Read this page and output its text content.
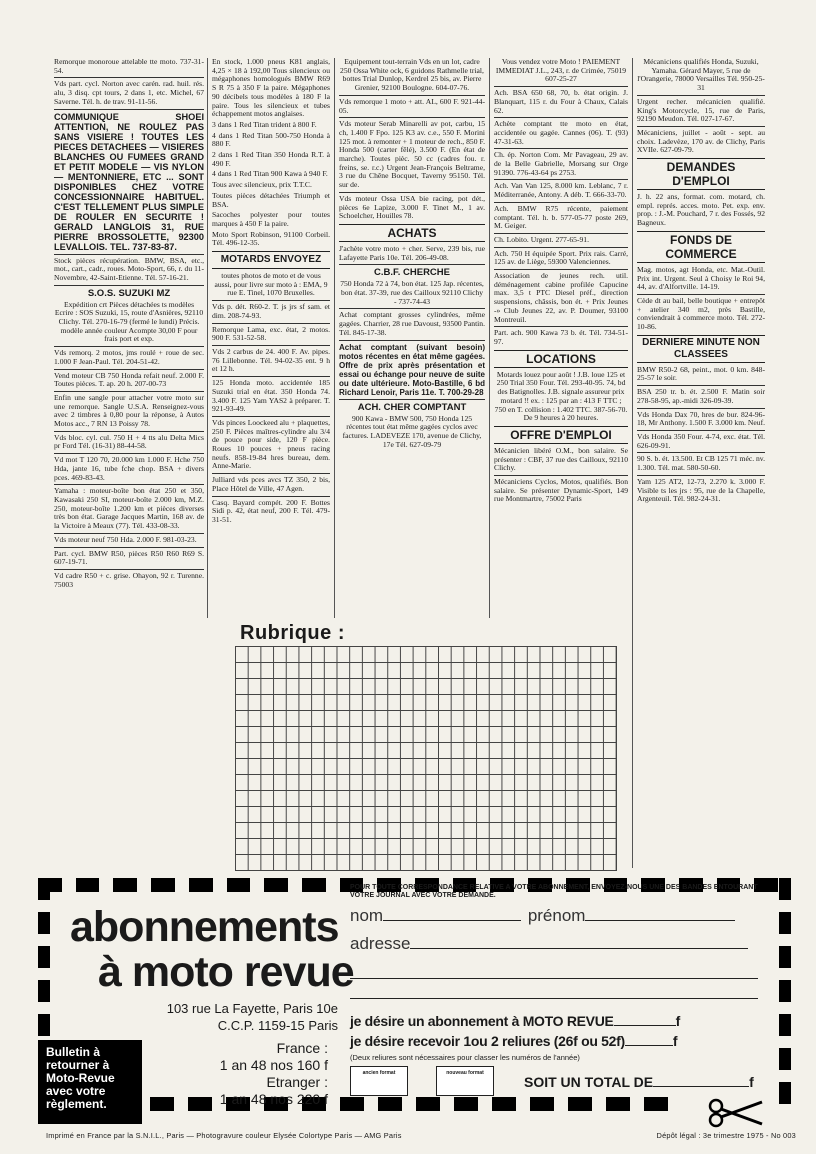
Remorque monoroue attelable tte moto. 737-31-54.

Vds part. cycl. Norton avec carén. rad. huil. rés. alu, 3 disq. cpt tours, 2 dans 1, etc. Michel, 67 Saverne. Tél. h. de trav. 91-11-56.

COMMUNIQUE SHOEI ATTENTION, NE ROULEZ PAS SANS VISIERE ! TOUTES LES PIECES DETACHEES — VISIERES BLANCHES OU FUMEES GRAND ET PETIT MODELE — VIS NYLON — MENTONNIERE, ETC ... SONT DISPONIBLES CHEZ VOTRE CONCESSIONNAIRE HABITUEL. C'EST TELLEMENT PLUS SIMPLE DE ROULER EN SECURITE ! GERALD LANGLOIS 31, RUE PIERRE BROSSOLETTE, 92300 LEVALLOIS. TEL. 737-83-87.

Stock pièces récupération. BMW, BSA, etc., mot., cart., cadr., roues. Moto-Sport, 66, r. du 11-Novembre, 42-Saint-Etienne. Tél. 57-16-21.

S.O.S. SUZUKI MZ

Expédition crt Pièces détachées ts modèles Ecrire : SOS Suzuki, 15, route d'Asnières, 92110 Clichy. Tél. 270-16-79 (fermé le lundi) Précis. modèle année couleur Acompte 30,00 F pour frais port et exp.

Vds remorq. 2 motos, jms roulé + roue de sec. 1.000 F Jean-Paul. Tél. 204-51-42.

Vend moteur CB 750 Honda refait neuf. 2.000 F. Toutes pièces. T. ap. 20 h. 207-00-73

Enfin une sangle pour attacher votre moto sur une remorque. Sangle U.S.A. Renseignez-vous avec 2 timbres à 0,80 pour la réponse, à Autos Motos acc., 7 RN 13 Poissy 78.

Vds bloc. cyl. cul. 750 H + 4 tts alu Delta Mics pr Ford Tél. (16-31) 88-44-58.

Vd mot T 120 70, 20.000 km 1.000 F. Hche 750 Hda, jante 16, tube fche chop. BSA + divers pces. 469-83-43.

Yamaha : moteur-boîte bon état 250 et 350, Kawasaki 250 SI, moteur-boîte 2.000 km, M.Z. 250, moteur-boîte 1.200 km et pièces diverses très bon état. Garage Jacques Martin, 168 av. de la Victoire à Meaux (77). Tél. 433-08-33.

Vds moteur neuf 750 Hda. 2.000 F. 981-03-23.

Part. cycl. BMW R50, pièces R50 R60 R69 S. 607-19-71.

Vd cadre R50 + c. grise. Ohayon, 92 r. Turenne. 75003

En stock, 1.000 pneus K81 anglais, 4,25 × 18 à 192,00 Tous silencieux ou mégaphones homologués BMW R69 S R 75 à 350 F la paire. Mégaphones 90 décibels tous modèles à 180 F la paire. Tous les silencieux et tubes échappement motos anglaises.

3 dans 1 Red Titan trident à 800 F.

4 dans 1 Red Titan 500-750 Honda à 880 F.

2 dans 1 Red Titan 350 Honda R.T. à 490 F.

4 dans 1 Red Titan 900 Kawa à 940 F.

Tous avec silencieux, prix T.T.C.

Toutes pièces détachées Triumph et BSA.

Sacoches polyester pour toutes marques à 450 F la paire.

Moto Sport Robinson, 91100 Corbeil. Tél. 496-12-35.

MOTARDS ENVOYEZ

toutes photos de moto et de vous aussi, pour livre sur moto à : EMA, 9 rue E. Tinel, 1070 Bruxelles.

Vds p. dét. R60-2. T. js jrs sf sam. et dim. 208-74-93.

Remorque Lama, exc. état, 2 motos. 900 F. 531-52-58.

Vds 2 carbus de 24. 400 F. Av. pipes. 76 Lillebonne. Tél. 94-02-35 ent. 9 h et 12 h.

125 Honda moto. accidentée 185 Suzuki trial en état. 350 Honda 74. 3.400 F. 125 Yam YAS2 à préparer. T. 921-93-49.

Vds pinces Loockeed alu + plaquettes, 250 F. Pièces maîtres-cylindre alu 3/4 de pouce pour side, 120 F pièce. Roues 10 pouces + pneus racing neufs. 858-19-84 hres bureau, dem. Anne-Marie.

Julliard vds pces avcs TZ 350, 2 bis, Place Hôtel de Ville, 47 Agen.

Casq. Bayard compét. 200 F. Bottes Sidi p. 42, état neuf, 200 F. Tél. 479-31-51.

Equipement tout-terrain Vds en un lot, cadre 250 Ossa White ock, 6 guidons Rathmelle trial, bottes Trial Dunlop, Kerdrel 25 bis, av. Pierre Grenier, 92100 Boulogne. 604-07-76.

Vds remorque 1 moto + att. AL, 600 F. 921-44-05.

Vds moteur Serab Minarelli av pot, carbu, 15 ch, 1.400 F Fpo. 125 K3 av. c.e., 550 F. Morini 125 mot. à remonter + 1 moteur de rech., 850 F. Honda 500 (carter fêlé), 3.500 F. (En état de marche). Toutes pièc. 50 cc (cadres fou. r. freins, se. r.c.) Urgent Jean-François Beltrame, 3 rue du Chêne Bocquet, Taverny 95150. Tél. sur de.

Vds moteur Ossa USA bie racing, pot dét., pièces 6e Lapize, 3.000 F. Tinet M., 1 av. Schoelcher, Houilles 78.

ACHATS

J'achète votre moto + cher. Serve, 239 bis, rue Lafayette Paris 10e. Tél. 206-49-08.

C.B.F. CHERCHE

750 Honda 72 à 74, bon état. 125 Jap. récentes, bon état. 37-39, rue des Cailloux 92110 Clichy - 737-74-43

Achat comptant grosses cylindrées, même gagées. Charrier, 28 rue Davoust, 93500 Pantin. Tél. 845-17-38.

Achat comptant (suivant besoin) motos récentes en état même gagées. Offre de prix après présentation et essai ou échange pour neuve de suite ou date ultérieure. Moto-Bastille, 6 bd Richard Lenoir, Paris 11e. T. 700-29-28

ACH. CHER COMPTANT

900 Kawa - BMW 500, 750 Honda 125 récentes tout état même gagées cyclos avec factures. LADEVEZE 170, avenue de Clichy, 17e Tél. 627-09-79

Vous vendez votre Moto ! PAIEMENT IMMEDIAT J.L., 243, r. de Crimée, 75019 607-25-27

Ach. BSA 650 68, 70, b. état origin. J. Blanquart, 115 r. du Four à Chaux, Calais 62.

Achète comptant tte moto en état, accidentée ou gagée. Cannes (06). T. (93) 47-31-63.

Ch. ép. Norton Com. Mr Pavageau, 29 av. de la Belle Gabrielle, Morsang sur Orge 91390. 776-43-64 ps 2753.

Ach. Van Van 125, 8.000 km. Leblanc, 7 r. Méditerranée, Antony. A déb. T. 666-33-70.

Ach. BMW R75 récente, paiement comptant. Tél. h. b. 577-05-77 poste 269, M. Geiger.

Ch. Lobito. Urgent. 277-65-91.

Ach. 750 H équipée Sport. Prix rais. Carré, 125 av. de Liège, 59300 Valenciennes.

Association de jeunes rech. util. déménagement cabine profilée Capucine max. 3,5 t PTC Diesel préf., direction suspensions, châssis, bon ét. + Prix Jeunes -» Club Jeunes 22, av. P. Doumer, 93100 Montreuil.

Part. ach. 900 Kawa 73 b. ét. Tél. 734-51-97.

LOCATIONS

Motards louez pour août ! J.B. loue 125 et 250 Trial 350 Four. Tél. 293-40-95. 74, bd des Batignolles. J.B. signale assureur prix motard !! ex. : 125 par an : 413 F TTC ; 750 en T. collision : 1.402 TTC. 387-56-70. De 9 heures à 20 heures.

OFFRE D'EMPLOI

Mécanicien libéré O.M., bon salaire. Se présenter : CBF, 37 rue des Cailloux, 92110 Clichy.

Mécaniciens Cyclos, Motos, qualifiés. Bon salaire. Se présenter Dynamic-Sport, 149 rue Montmartre, 75002 Paris

Mécaniciens qualifiés Honda, Suzuki, Yamaha. Gérard Mayer, 5 rue de l'Orangerie, 78000 Versailles Tél. 950-25-31

Urgent recher. mécanicien qualifié. King's Motorcycle, 15, rue de Paris, 92190 Meudon. Tél. 027-17-67.

Mécaniciens, juillet - août - sept. au choix. Ladevèze, 170 av. de Clichy, Paris XVIIe. 627-09-79.

DEMANDES D'EMPLOI

J. h. 22 ans, format. com. motard, ch. empl. représ. acces. moto. Pet. exp. env. prop. : J.-M. Pouchard, 7 r. des Fossés, 92 Bagneux.

FONDS DE COMMERCE

Mag. motos, agt Honda, etc. Mat.-Outil. Prix int. Urgent. Seul à Choisy le Roi 94, 44, av. d'Alfortville. 14-19.

Cède dt au bail, belle boutique + entrepôt + atelier 340 m2, près Bastille, conviendrait à commerce moto. Tél. 272-10-86.

DERNIERE MINUTE NON CLASSEES

BMW R50-2 68, peint., mot. 0 km. 848-25-57 le soir.

BSA 250 tr. b. ét. 2.500 F. Matin soir 278-58-95, ap.-midi 326-09-39.

Vds Honda Dax 70, hres de bur. 824-96-18, Mr Anthony. 1.500 F. 3.000 km. Neuf.

Vds Honda 350 Four. 4-74, exc. état. Tél. 626-09-91.

90 S. b. ét. 13.500. Et CB 125 71 méc. nv. 1.300. Tél. mat. 580-50-60.

Yam 125 AT2, 12-73, 2.270 k. 3.000 F. Visible ts les jrs : 95, rue de la Chapelle, Argenteuil. Tél. 982-24-31.

Rubrique :
abonnements
à moto revue
103 rue La Fayette, Paris 10e
C.C.P. 1159-15 Paris
France :
1 an 48 nos 160 f
Etranger :
1 an 48 nos 220 f
Bulletin à retourner à Moto-Revue avec votre règlement.
POUR TOUTE CORRESPONDANCE RELATIVE A VOTRE ABONNEMENT, ENVOYEZ-NOUS UNE DES BANDES ENTOURANT VOTRE JOURNAL AVEC VOTRE DEMANDE.
nom	prénom
adresse
je désire un abonnement à MOTO REVUE	f
je désire recevoir 1ou 2 reliures (26f ou 52f)	f
(Deux reliures sont nécessaires pour classer les numéros de l'année)
ancien format	nouveau format
SOIT UN TOTAL DE	f
Imprimé en France par la S.N.I.L., Paris — Photogravure couleur Elysée Colortype Paris — AMG Paris	Dépôt légal : 3e trimestre 1975 - No 003
